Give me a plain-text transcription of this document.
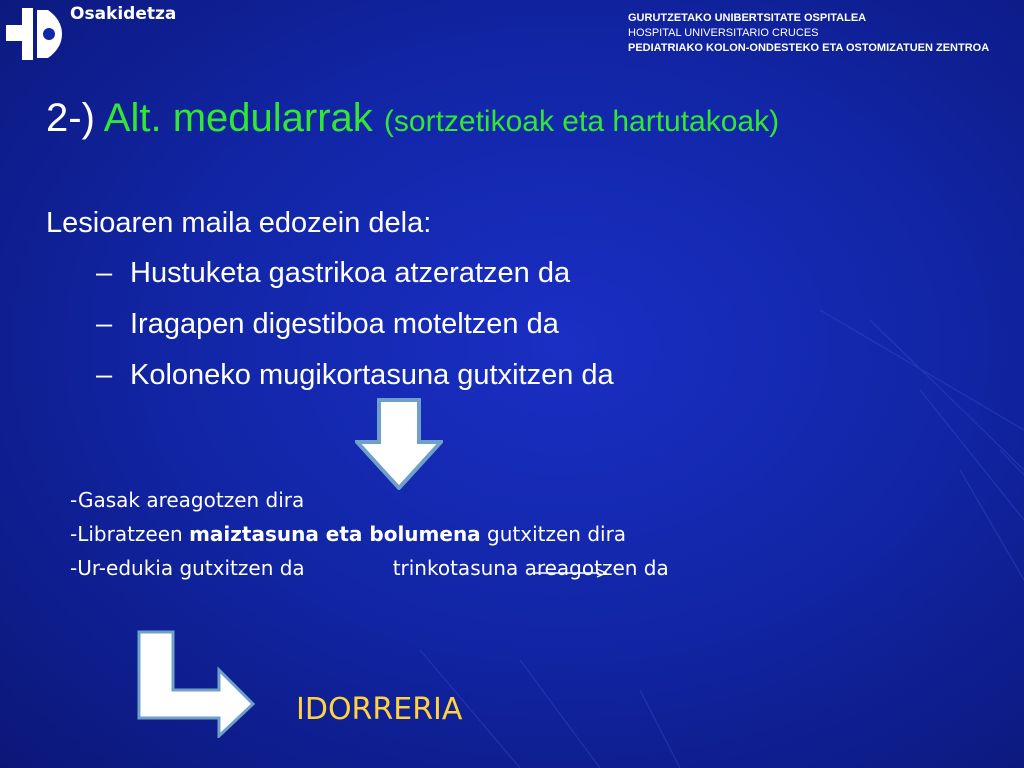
Osakidetza	GURUTZETAKO UNIBERTSITATE OSPITALEA
HOSPITAL UNIVERSITARIO CRUCES
PEDIATRIAKO KOLON-ONDESTEKO ETA OSTOMIZATUEN ZENTROA
2-) Alt. medularrak (sortzetikoak eta hartutakoak)
Lesioaren maila edozein dela:
– Hustuketa gastrikoa atzeratzen da
– Iragapen digestiboa moteltzen da
– Koloneko mugikortasuna gutxitzen da
-Gasak areagotzen dira
-Libratzeen maiztasuna eta bolumena gutxitzen dira
-Ur-edukia gutxitzen da	trinkotasuna areagotzen da
IDORRERIA
